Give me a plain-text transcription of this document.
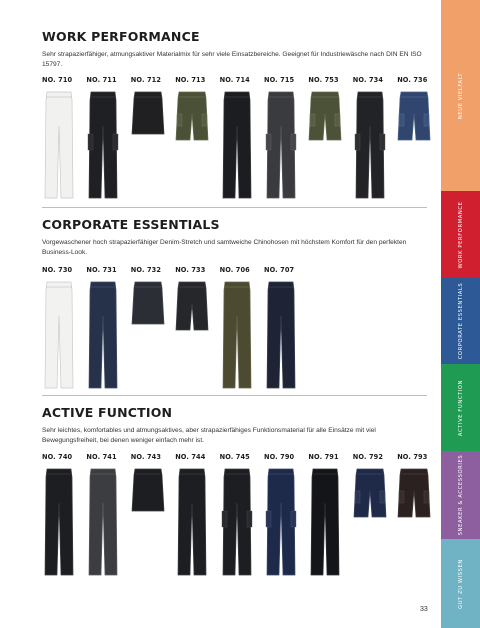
WORK PERFORMANCE
Sehr strapazierfähiger, atmungsaktiver Materialmix für sehr viele Einsatzbereiche. Geeignet für Industriewäsche nach DIN EN ISO 15797.
NO. 710	NO. 711	NO. 712	NO. 713	NO. 714	NO. 715	NO. 753	NO. 734	NO. 736
CORPORATE ESSENTIALS
Vorgewaschener hoch strapazierfähiger Denim-Stretch und samtweiche Chinohosen mit höchstem Komfort für den perfekten Business-Look.
NO. 730	NO. 731	NO. 732	NO. 733	NO. 706	NO. 707
ACTIVE FUNCTION
Sehr leichtes, komfortables und atmungsaktives, aber strapazierfähiges Funktionsmaterial für alle Einsätze mit viel Bewegungsfreiheit, bei denen weniger einfach mehr ist.
NO. 740	NO. 741	NO. 743	NO. 744	NO. 745	NO. 790	NO. 791	NO. 792	NO. 793
33
NEUE VIELFALT
WORK PERFORMANCE
CORPORATE ESSENTIALS
ACTIVE FUNCTION
SNEAKER & ACCESSORIES
GUT ZU WISSEN
